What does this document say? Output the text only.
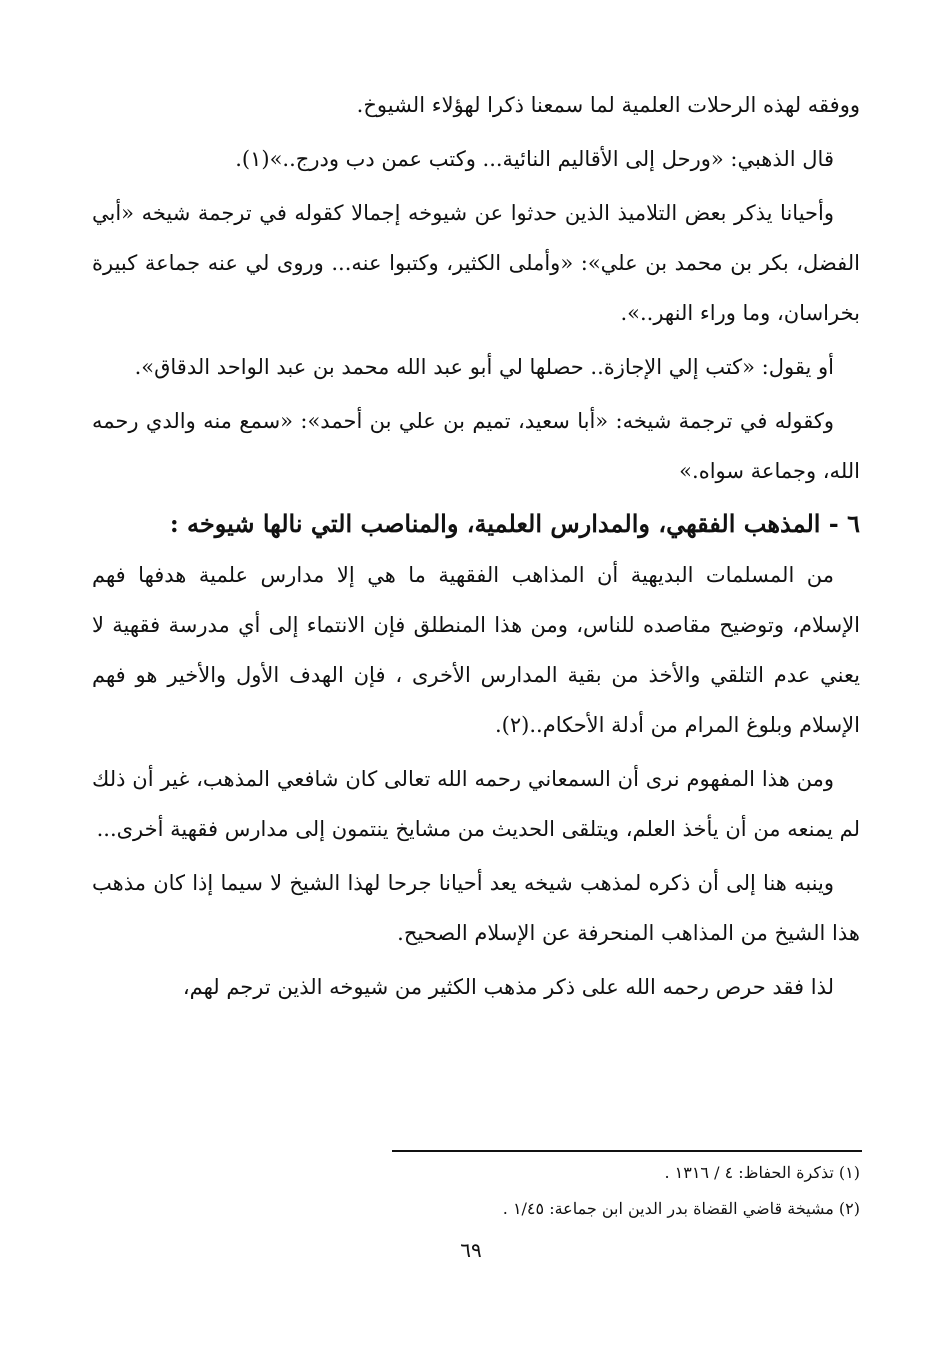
ووفقه لهذه الرحلات العلمية لما سمعنا ذكرا لهؤلاء الشيوخ.

قال الذهبي: «ورحل إلى الأقاليم النائية... وكتب عمن دب ودرج..»(١).

وأحيانا يذكر بعض التلاميذ الذين حدثوا عن شيوخه إجمالا كقوله في ترجمة شيخه «أبي الفضل، بكر بن محمد بن علي»: «وأملى الكثير، وكتبوا عنه... وروى لي عنه جماعة كبيرة بخراسان، وما وراء النهر..».

أو يقول: «كتب إلي الإجازة.. حصلها لي أبو عبد الله محمد بن عبد الواحد الدقاق».

وكقوله في ترجمة شيخه: «أبا سعيد، تميم بن علي بن أحمد»: «سمع منه والدي رحمه الله، وجماعة سواه.»

٦ - المذهب الفقهي، والمدارس العلمية، والمناصب التي نالها شيوخه :

من المسلمات البديهية أن المذاهب الفقهية ما هي إلا مدارس علمية هدفها فهم الإسلام، وتوضيح مقاصده للناس، ومن هذا المنطلق فإن الانتماء إلى أي مدرسة فقهية لا يعني عدم التلقي والأخذ من بقية المدارس الأخرى ، فإن الهدف الأول والأخير هو فهم الإسلام وبلوغ المرام من أدلة الأحكام..(٢).

ومن هذا المفهوم نرى أن السمعاني رحمه الله تعالى كان شافعي المذهب، غير أن ذلك لم يمنعه من أن يأخذ العلم، ويتلقى الحديث من مشايخ ينتمون إلى مدارس فقهية أخرى...

وينبه هنا إلى أن ذكره لمذهب شيخه يعد أحيانا جرحا لهذا الشيخ لا سيما إذا كان مذهب هذا الشيخ من المذاهب المنحرفة عن الإسلام الصحيح.

لذا فقد حرص رحمه الله على ذكر مذهب الكثير من شيوخه الذين ترجم لهم،

(١) تذكرة الحفاظ: ٤ / ١٣١٦ .
(٢) مشيخة قاضي القضاة بدر الدين ابن جماعة: ١/٤٥ .
٦٩
